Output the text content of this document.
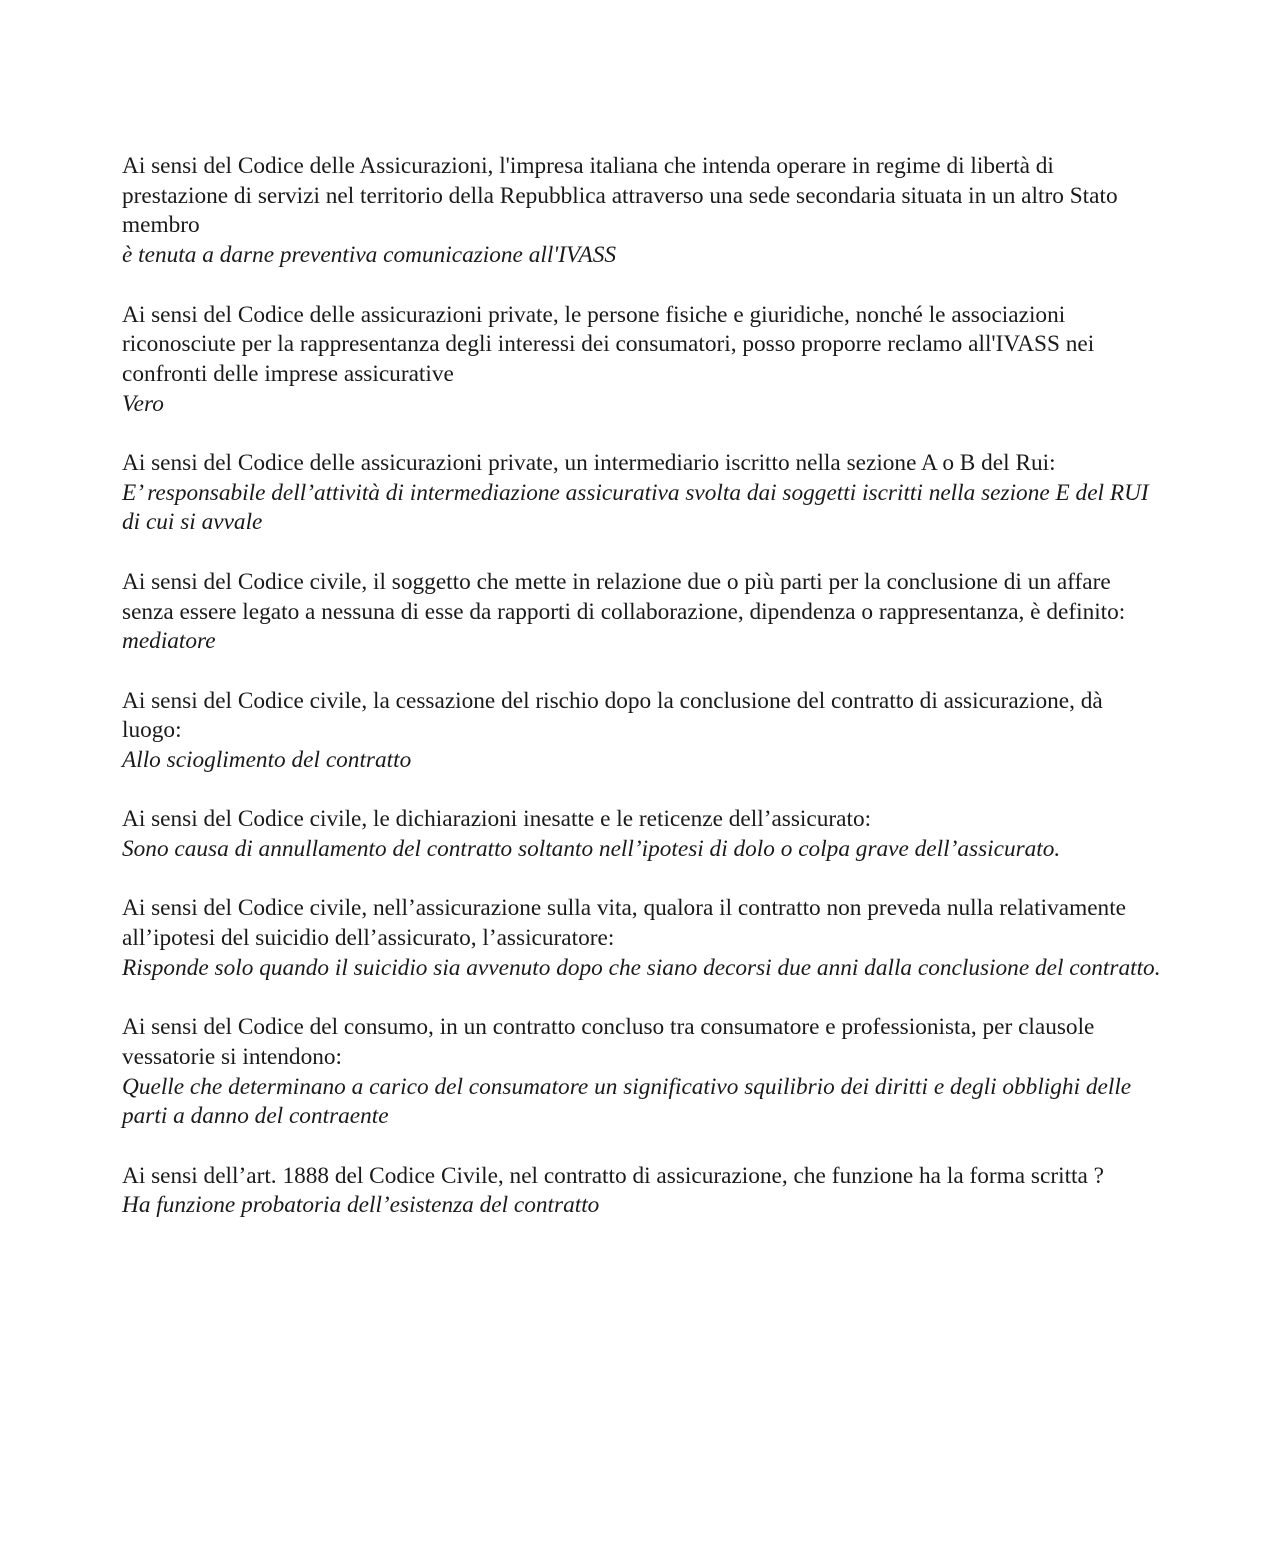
Ai sensi del Codice delle Assicurazioni, l'impresa italiana che intenda operare in regime di libertà di prestazione di servizi nel territorio della Repubblica attraverso una sede secondaria situata in un altro Stato membro
è tenuta a darne preventiva comunicazione all'IVASS
Ai sensi del Codice delle assicurazioni private, le persone fisiche e giuridiche, nonché le associazioni riconosciute per la rappresentanza degli interessi dei consumatori, posso proporre reclamo all'IVASS nei confronti delle imprese assicurative
Vero
Ai sensi del Codice delle assicurazioni private, un intermediario iscritto nella sezione A o B del Rui:
E’ responsabile dell’attività di intermediazione assicurativa svolta dai soggetti iscritti nella sezione E del RUI di cui si avvale
Ai sensi del Codice civile, il soggetto che mette in relazione due o più parti per la conclusione di un affare senza essere legato a nessuna di esse da rapporti di collaborazione, dipendenza o rappresentanza, è definito:
mediatore
Ai sensi del Codice civile, la cessazione del rischio dopo la conclusione del contratto di assicurazione, dà luogo:
Allo scioglimento del contratto
Ai sensi del Codice civile, le dichiarazioni inesatte e le reticenze dell’assicurato:
Sono causa di annullamento del contratto soltanto nell’ipotesi di dolo o colpa grave dell’assicurato.
Ai sensi del Codice civile, nell’assicurazione sulla vita, qualora il contratto non preveda nulla relativamente all’ipotesi del suicidio dell’assicurato, l’assicuratore:
Risponde solo quando il suicidio sia avvenuto dopo che siano decorsi due anni dalla conclusione del contratto.
Ai sensi del Codice del consumo, in un contratto concluso tra consumatore e professionista, per clausole vessatorie si intendono:
Quelle che determinano a carico del consumatore un significativo squilibrio dei diritti e degli obblighi delle parti a danno del contraente
Ai sensi dell’art. 1888 del Codice Civile, nel contratto di assicurazione, che funzione ha la forma scritta ?
Ha funzione probatoria dell’esistenza del contratto
